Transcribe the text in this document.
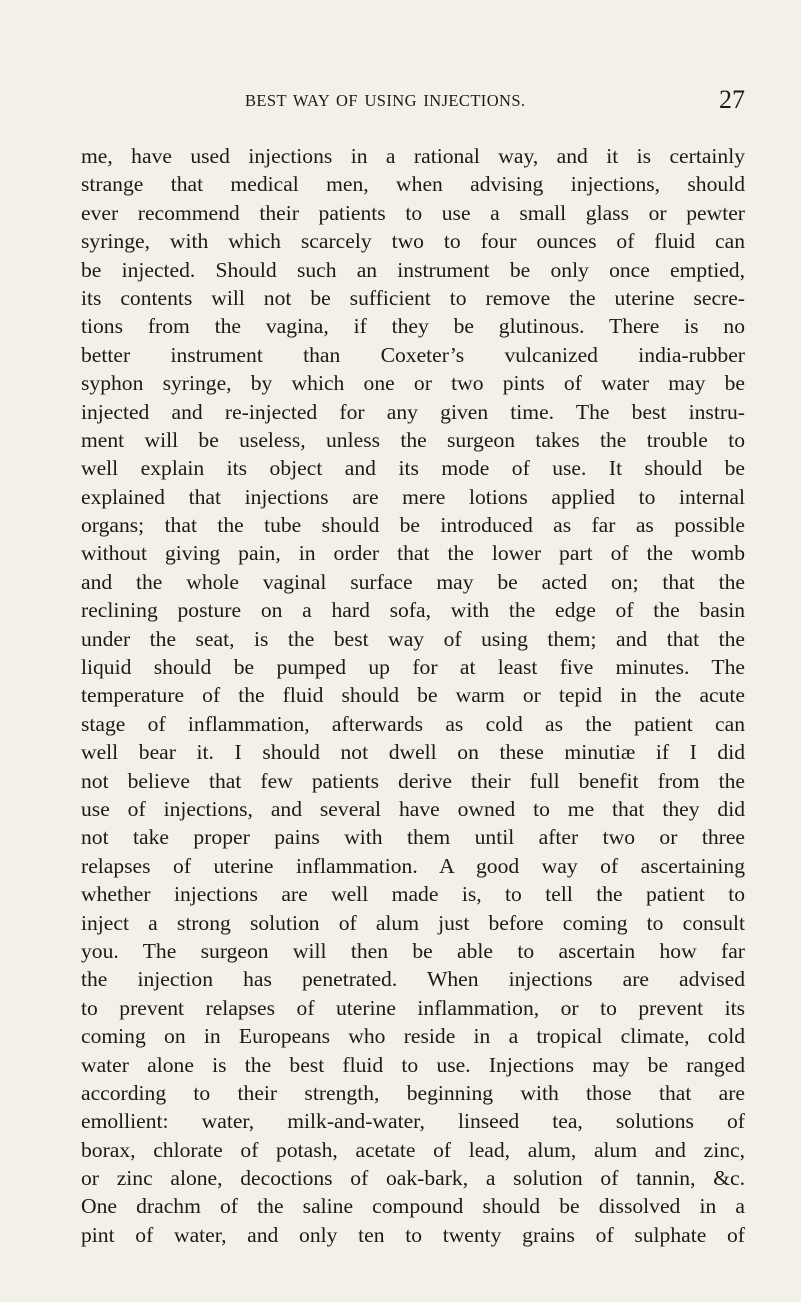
BEST WAY OF USING INJECTIONS.	27
me, have used injections in a rational way, and it is certainly
strange that medical men, when advising injections, should
ever recommend their patients to use a small glass or pewter
syringe, with which scarcely two to four ounces of fluid can
be injected. Should such an instrument be only once emptied,
its contents will not be sufficient to remove the uterine secre-
tions from the vagina, if they be glutinous. There is no
better instrument than Coxeter’s vulcanized india-rubber
syphon syringe, by which one or two pints of water may be
injected and re-injected for any given time. The best instru-
ment will be useless, unless the surgeon takes the trouble to
well explain its object and its mode of use. It should be
explained that injections are mere lotions applied to internal
organs; that the tube should be introduced as far as possible
without giving pain, in order that the lower part of the womb
and the whole vaginal surface may be acted on; that the
reclining posture on a hard sofa, with the edge of the basin
under the seat, is the best way of using them; and that the
liquid should be pumped up for at least five minutes. The
temperature of the fluid should be warm or tepid in the acute
stage of inflammation, afterwards as cold as the patient can
well bear it. I should not dwell on these minutiæ if I did
not believe that few patients derive their full benefit from the
use of injections, and several have owned to me that they did
not take proper pains with them until after two or three
relapses of uterine inflammation. A good way of ascertaining
whether injections are well made is, to tell the patient to
inject a strong solution of alum just before coming to consult
you. The surgeon will then be able to ascertain how far
the injection has penetrated. When injections are advised
to prevent relapses of uterine inflammation, or to prevent its
coming on in Europeans who reside in a tropical climate, cold
water alone is the best fluid to use. Injections may be ranged
according to their strength, beginning with those that are
emollient: water, milk-and-water, linseed tea, solutions of
borax, chlorate of potash, acetate of lead, alum, alum and zinc,
or zinc alone, decoctions of oak-bark, a solution of tannin, &c.
One drachm of the saline compound should be dissolved in a
pint of water, and only ten to twenty grains of sulphate of
